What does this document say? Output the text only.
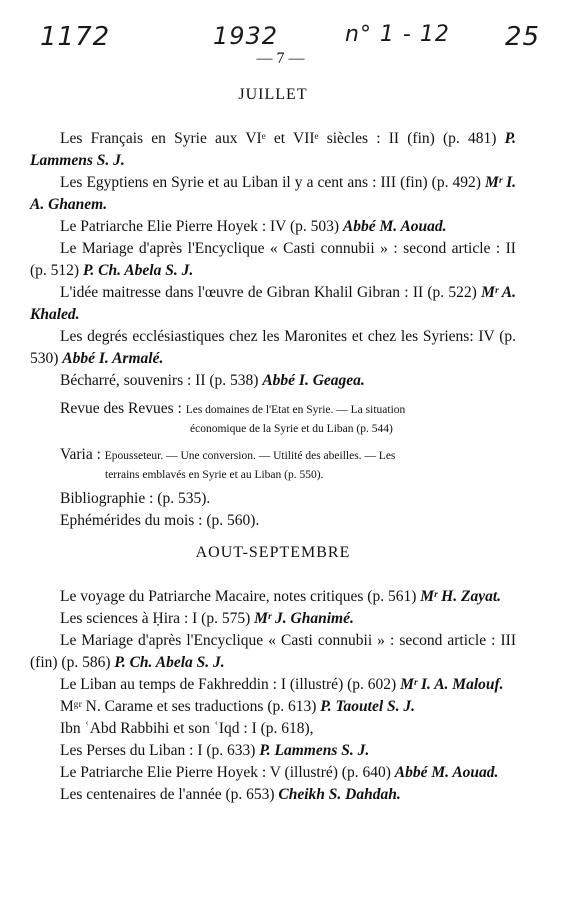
1172	1932	n° 1 - 12 25
— 7 —
JUILLET
Les Français en Syrie aux VIᵉ et VIIᵉ siècles : II (fin) (p. 481) P. Lammens S. J.
Les Egyptiens en Syrie et au Liban il y a cent ans : III (fin) (p. 492) Mʳ I. A. Ghanem.
Le Patriarche Elie Pierre Hoyek : IV (p. 503) Abbé M. Aouad.
Le Mariage d'après l'Encyclique « Casti connubii » : second article : II (p. 512) P. Ch. Abela S. J.
L'idée maitresse dans l'œuvre de Gibran Khalil Gibran : II (p. 522) Mʳ A. Khaled.
Les degrés ecclésiastiques chez les Maronites et chez les Syriens: IV (p. 530) Abbé I. Armalé.
Bécharré, souvenirs : II (p. 538) Abbé I. Geagea.
Revue des Revues : Les domaines de l'Etat en Syrie. — La situation
économique de la Syrie et du Liban (p. 544)
Varia : Epousseteur. — Une conversion. — Utilité des abeilles. — Les
terrains emblavés en Syrie et au Liban (p. 550).
Bibliographie : (p. 535).
Ephémérides du mois : (p. 560).
AOUT-SEPTEMBRE
Le voyage du Patriarche Macaire, notes critiques (p. 561) Mʳ H. Zayat.
Les sciences à Ḥira : I (p. 575) Mʳ J. Ghanimé.
Le Mariage d'après l'Encyclique « Casti connubii » : second article : III (fin) (p. 586) P. Ch. Abela S. J.
Le Liban au temps de Fakhreddin : I (illustré) (p. 602) Mʳ I. A. Malouf.
Mᵍʳ N. Carame et ses traductions (p. 613) P. Taoutel S. J.
Ibn ʿAbd Rabbihi et son ʿIqd : I (p. 618),
Les Perses du Liban : I (p. 633) P. Lammens S. J.
Le Patriarche Elie Pierre Hoyek : V (illustré) (p. 640) Abbé M. Aouad.
Les centenaires de l'année (p. 653) Cheikh S. Dahdah.
